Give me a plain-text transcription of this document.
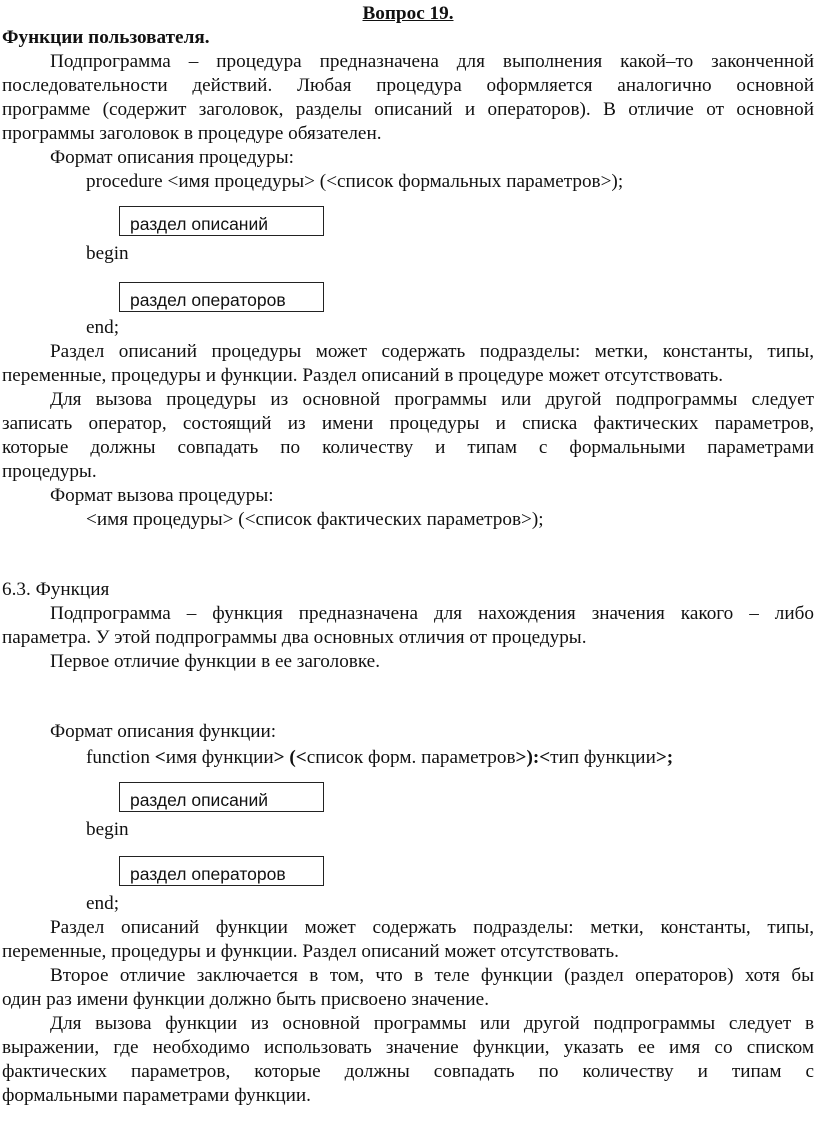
Вопрос 19.
Функции пользователя.
Подпрограмма – процедура предназначена для выполнения какой–то законченной
последовательности действий. Любая процедура оформляется аналогично основной
программе (содержит заголовок, разделы описаний и операторов). В отличие от основной
программы заголовок в процедуре обязателен.
Формат описания процедуры:
procedure <имя процедуры> (<список формальных параметров>);
раздел описаний
begin
раздел операторов
end;
Раздел описаний процедуры может содержать подразделы: метки, константы, типы,
переменные, процедуры и функции. Раздел описаний в процедуре может отсутствовать.
Для вызова процедуры из основной программы или другой подпрограммы следует
записать оператор, состоящий из имени процедуры и списка фактических параметров,
которые должны совпадать по количеству и типам с формальными параметрами
процедуры.
Формат вызова процедуры:
<имя процедуры> (<список фактических параметров>);
6.3. Функция
Подпрограмма – функция предназначена для нахождения значения какого – либо
параметра. У этой подпрограммы два основных отличия от процедуры.
Первое отличие функции в ее заголовке.
Формат описания функции:
function <имя функции> (<список форм. параметров>):<тип функции>;
раздел описаний
begin
раздел операторов
end;
Раздел описаний функции может содержать подразделы: метки, константы, типы,
переменные, процедуры и функции. Раздел описаний может отсутствовать.
Второе отличие заключается в том, что в теле функции (раздел операторов) хотя бы
один раз имени функции должно быть присвоено значение.
Для вызова функции из основной программы или другой подпрограммы следует в
выражении, где необходимо использовать значение функции, указать ее имя со списком
фактических параметров, которые должны совпадать по количеству и типам с
формальными параметрами функции.
